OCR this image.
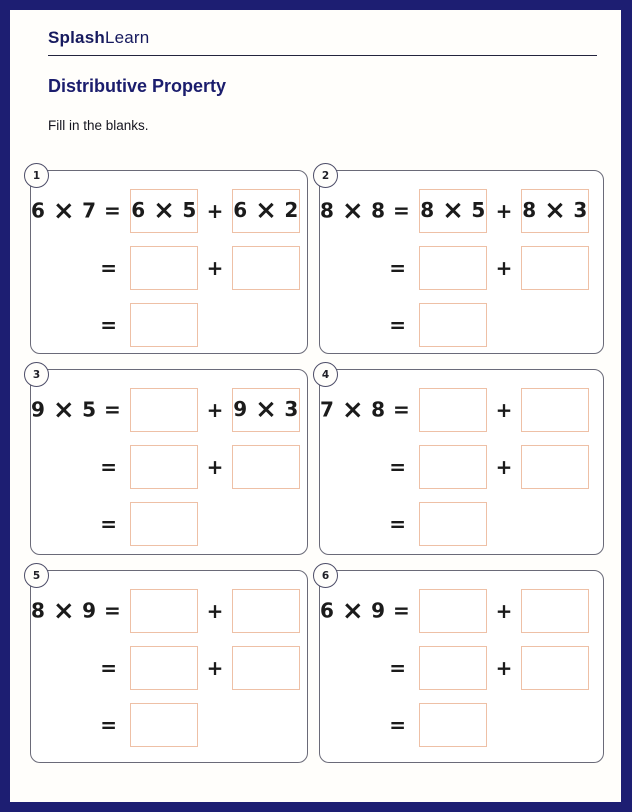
SplashLearn
Distributive Property

Fill in the blanks.

1
6 × 7 = 6 × 5 + 6 × 2
=	+
=
2
8 × 8 = 8 × 5 + 8 × 3
=	+
=
3
9 × 5 =	+ 9 × 3
=	+
=
4
7 × 8 =	+
=	+
=
5
8 × 9 =	+
=	+
=
6
6 × 9 =	+
=	+
=
